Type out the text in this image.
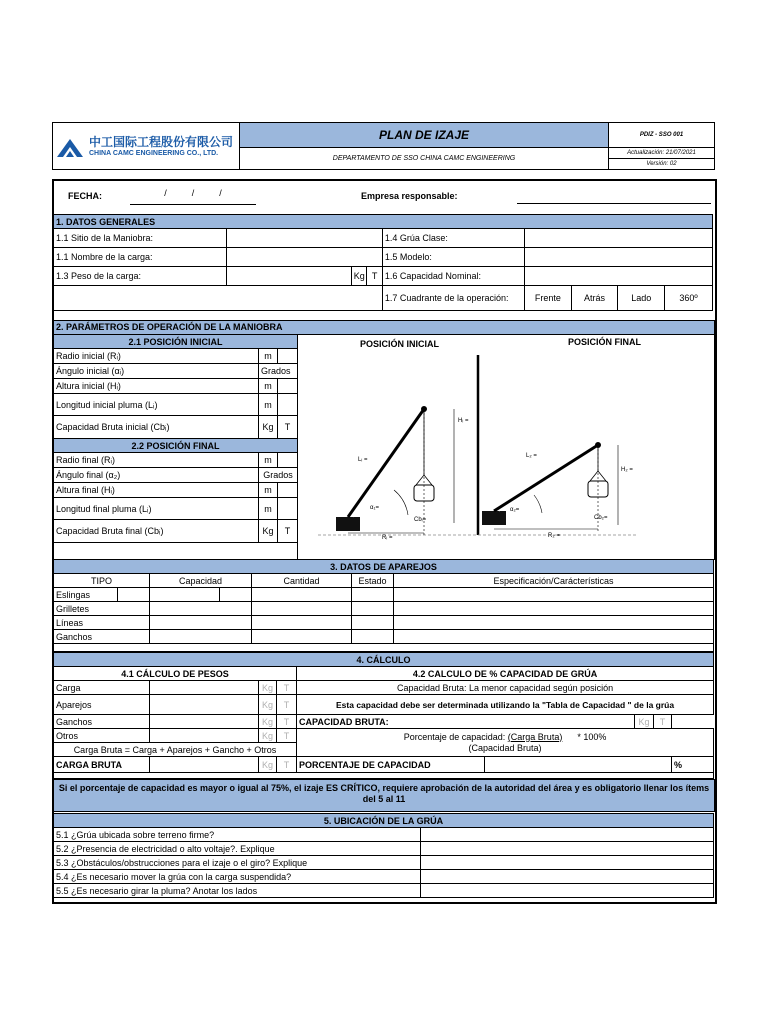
中工国际工程股份有限公司
CHINA CAMC ENGINEERING CO., LTD.	PLAN DE IZAJE	PDIZ - SSO 001
	DEPARTAMENTO DE SSO CHINA CAMC ENGINEERING	Actualización: 21/07/2021
Versión: 02
FECHA:	/          /          /	Empresa responsable:
1. DATOS GENERALES								
1.1 Sitio de la Maniobra:				1.4 Grúa Clase:				
1.1 Nombre de la carga:				1.5 Modelo:				
1.3 Peso de la carga:		Kg	T	1.6 Capacidad Nominal:				
				1.7 Cuadrante de la operación:	Frente	Atrás	Lado	360º
2. PARÁMETROS DE OPERACIÓN DE LA MANIOBRA
2.1 POSICIÓN INICIAL		
Radio inicial (Rᵢ)	m	
Ángulo inicial (αᵢ)	Grados	
Altura inicial (Hᵢ)	m	
Longitud inicial pluma (Lᵢ)	m	
Capacidad Bruta inicial (Cbᵢ)	Kg	T
2.2 POSICIÓN FINAL		
Radio final (Rᵢ)	m	
Ángulo final (α₂)	Grados	
Altura final (Hᵢ)	m	
Longitud final pluma (Lᵢ)	m	
Capacidad Bruta final (Cbᵢ)	Kg	T
POSICIÓN INICIAL	POSICIÓN FINAL
Lᵢ =
Hᵢ =
α₁=
Cbᵢ=
Rᵢ =
L₂ =
H₂ =
α₂=
Cb₂=
R₂ =
3. DATOS DE APAREJOS						
TIPO		Capacidad		Cantidad	Estado	Especificación/Carácterísticas
Eslingas						
Grilletes						
Líneas						
Ganchos						

4. CÁLCULO								
4.1 CÁLCULO DE PESOS				4.2 CALCULO DE % CAPACIDAD DE GRÚA				
Carga		Kg	T	Capacidad Bruta: La menor capacidad según posición				
Aparejos		Kg	T	Esta capacidad debe ser determinada utilizando la "Tabla de Capacidad " de la grúa				
Ganchos		Kg	T	CAPACIDAD BRUTA:		Kg	T	
Otros		Kg	T	Porcentaje de capacidad: (Carga Bruta) * 100%
(Capacidad Bruta)				
Carga Bruta = Carga + Aparejos + Gancho + Otros								
CARGA BRUTA		Kg	T	PORCENTAJE DE CAPACIDAD				%

Si el porcentaje de capacidad es mayor o igual al 75%, el izaje ES CRÍTICO, requiere aprobación de la autoridad del área y es obligatorio llenar los ítems del 5 al 11
5. UBICACIÓN DE LA GRÚA	
5.1 ¿Grúa ubicada sobre terreno firme?	
5.2 ¿Presencia de electricidad o alto voltaje?. Explique	
5.3 ¿Obstáculos/obstrucciones para el izaje o el giro? Explique	
5.4 ¿Es necesario mover la grúa con la carga suspendida?	
5.5 ¿Es necesario girar la pluma? Anotar los lados	
